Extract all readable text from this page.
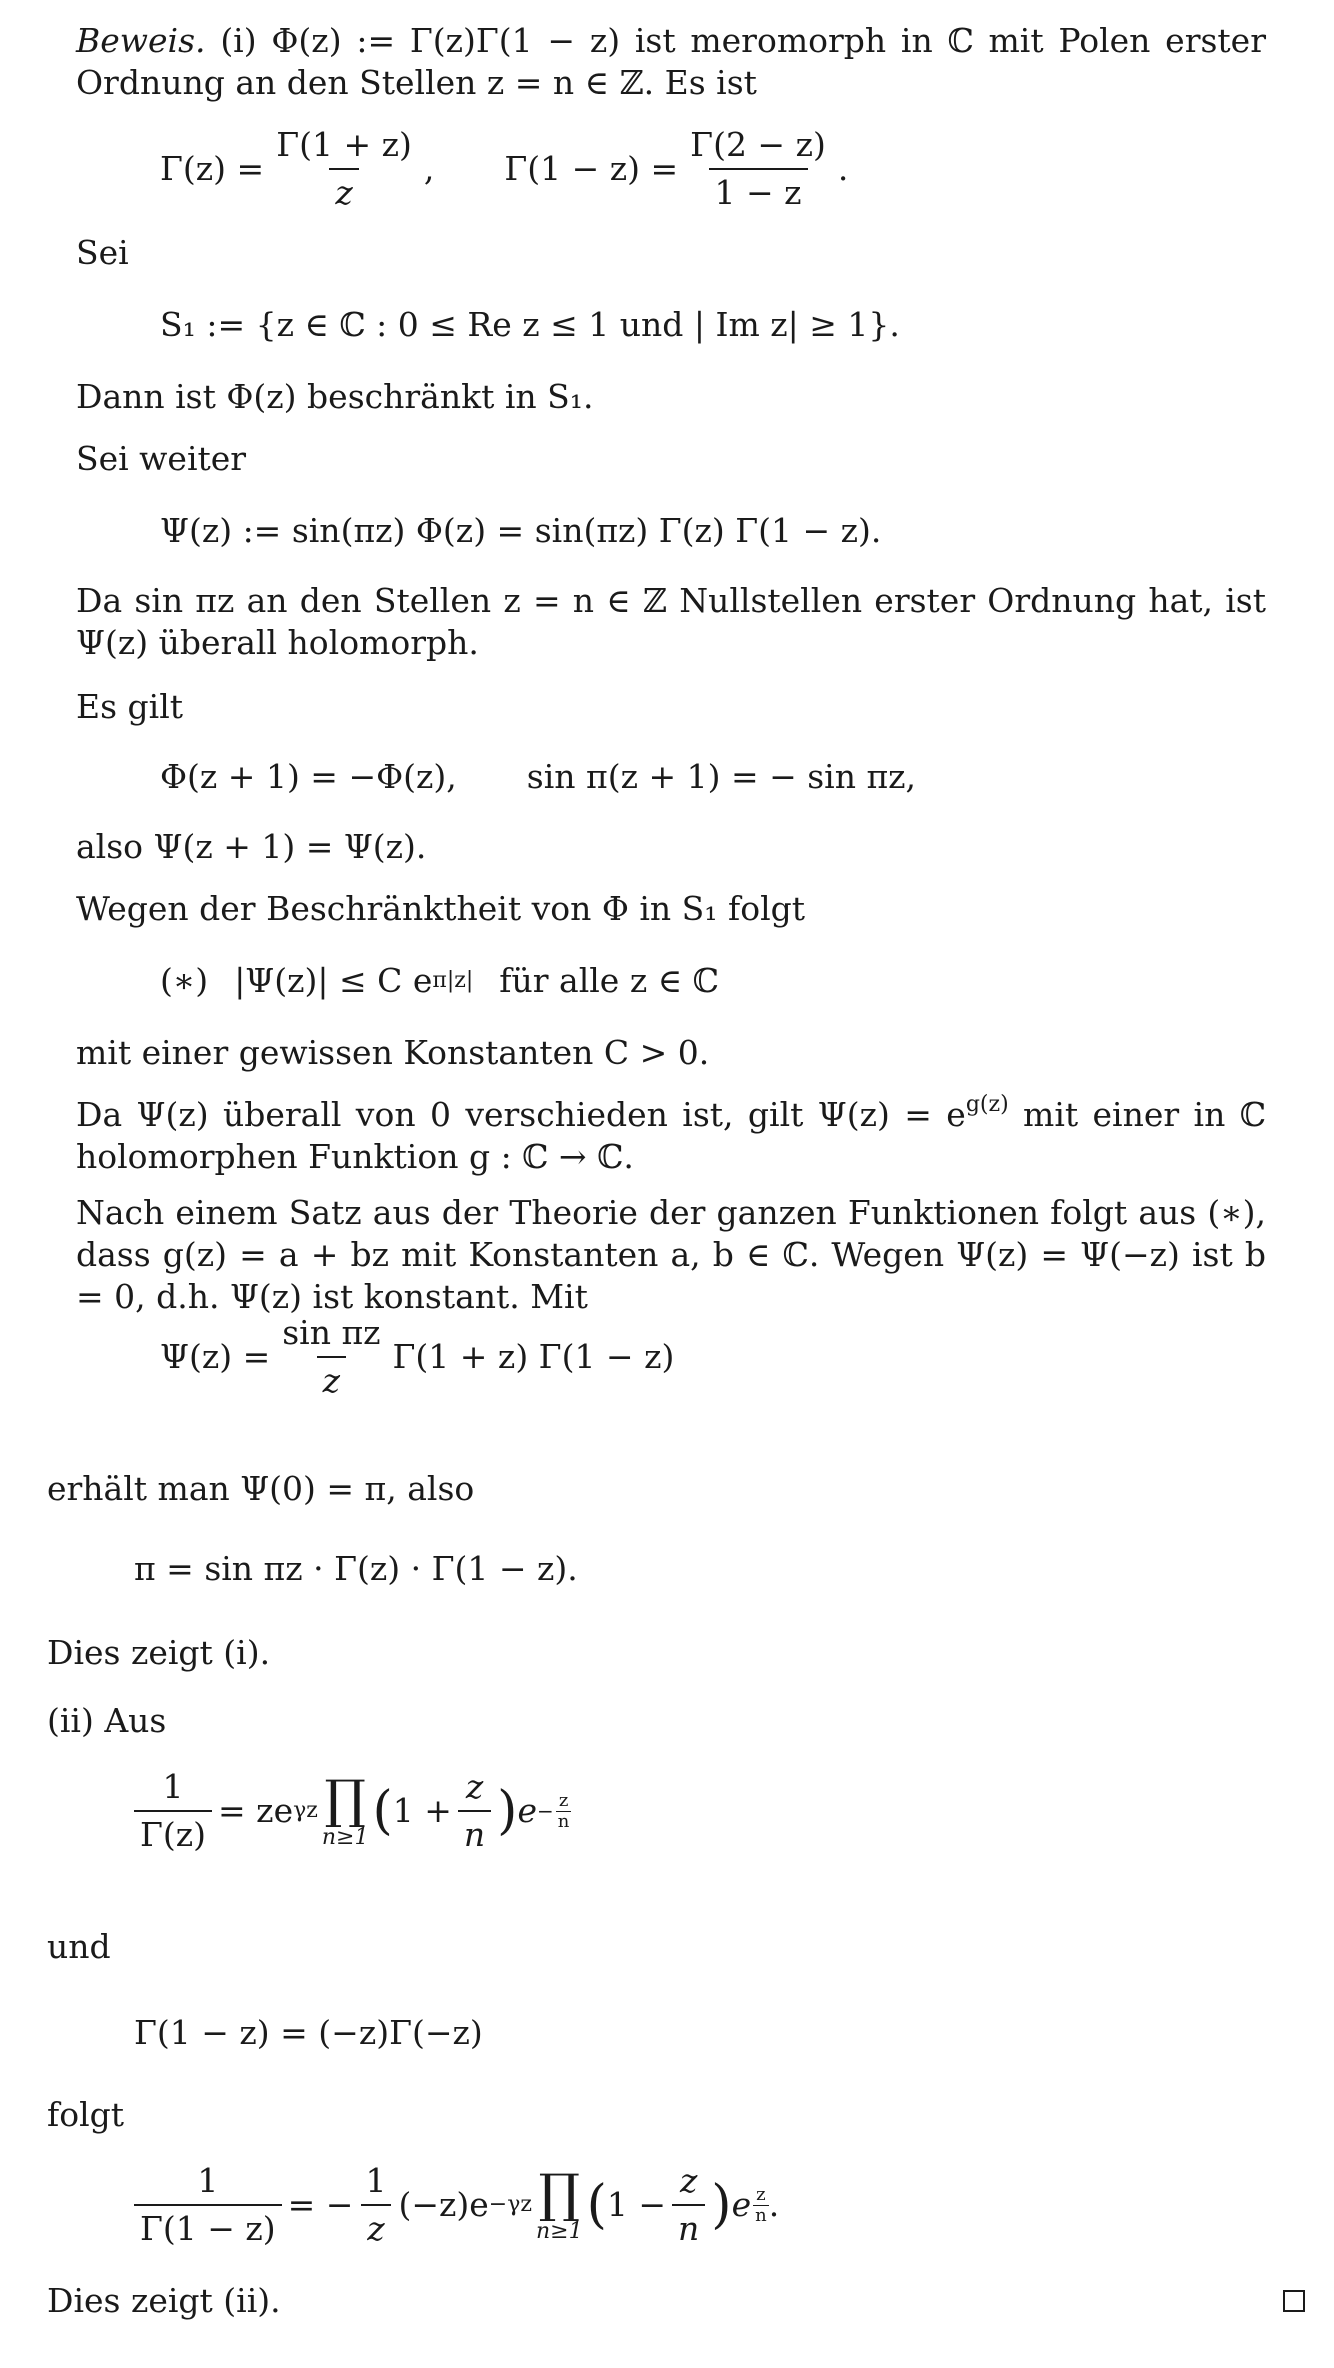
Beweis. (i) Φ(z) := Γ(z)Γ(1 − z) ist meromorph in ℂ mit Polen erster Ordnung an den Stellen z = n ∈ ℤ. Es ist

$\Gamma(z) = \frac{\Gamma(1 + z)}{z}$ , $\Gamma(1 - z) = \frac{\Gamma(2 - z)}{1 - z}$ .

Sei

S₁ := {z ∈ ℂ : 0 ≤ Re z ≤ 1 und | Im z| ≥ 1}.

Dann ist Φ(z) beschränkt in S₁.

Sei weiter

Ψ(z) := sin(πz) Φ(z) = sin(πz) Γ(z) Γ(1 − z).

Da sin πz an den Stellen z = n ∈ ℤ Nullstellen erster Ordnung hat, ist Ψ(z) überall holomorph.

Es gilt

Φ(z + 1) = −Φ(z), sin π(z + 1) = − sin πz,

also Ψ(z + 1) = Ψ(z).

Wegen der Beschränktheit von Φ in S₁ folgt

(∗) |Ψ(z)| ≤ C e π|z| für alle z ∈ ℂ

mit einer gewissen Konstanten C > 0.

Da Ψ(z) überall von 0 verschieden ist, gilt $\Psi(z) = e^{g(z)}$ mit einer in ℂ holomorphen Funktion g : ℂ → ℂ.

Nach einem Satz aus der Theorie der ganzen Funktionen folgt aus (∗), dass g(z) = a + bz mit Konstanten a, b ∈ ℂ. Wegen Ψ(z) = Ψ(−z) ist b = 0, d.h. Ψ(z) ist konstant. Mit

$\Psi(z) = \frac{\text{sin πz}}{z} \Gamma(1 + z) \Gamma(1 - z)$

erhält man Ψ(0) = π, also

π = sin πz · Γ(z) · Γ(1 − z).

Dies zeigt (i).

(ii) Aus

$\frac{1}{\Gamma(z)}$ = ze γz ∏
n≥1 ( $1 + \frac{z}{n}$ ) $e - \frac{z}{n}$

und

Γ(1 − z) = (−z)Γ(−z)

folgt

$\frac{1}{\Gamma(1 - z)}$ = − $\frac{1}{z} (-z)e -\gamma z$ ∏
n≥1 ( $1 - \frac{z}{n}$ ) e $\frac{z}{n}$ .

Dies zeigt (ii).
